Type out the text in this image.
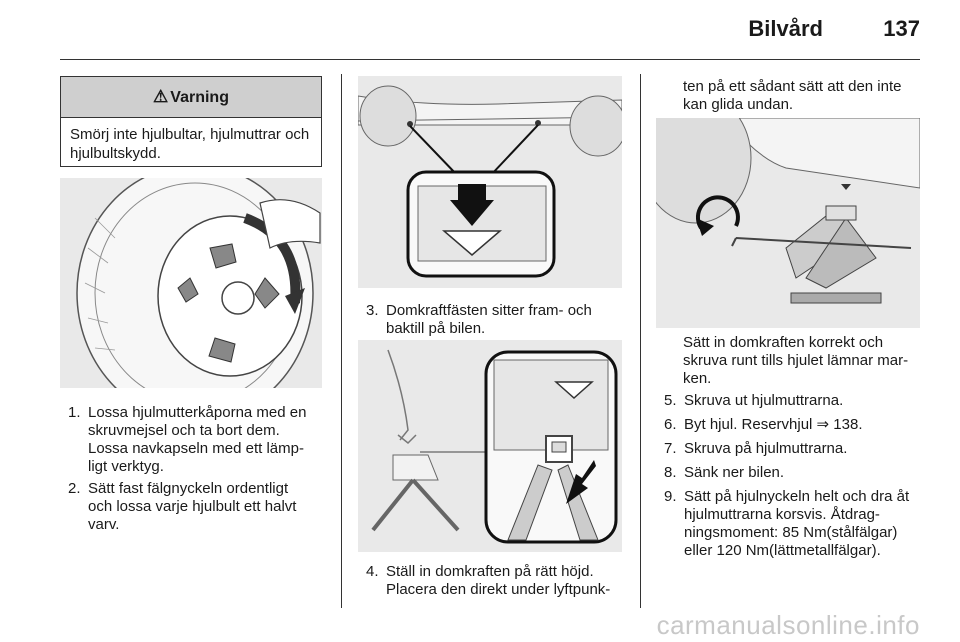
Bilvård	137
⚠ Varning
Smörj inte hjulbultar, hjulmuttrar och hjulbultskydd.
1. Lossa hjulmutterkåporna med en
skruvmejsel och ta bort dem.
Lossa navkapseln med ett lämp-
ligt verktyg.
2. Sätt fast fälgnyckeln ordentligt
och lossa varje hjulbult ett halvt
varv.
3. Domkraftfästen sitter fram- och
baktill på bilen.
4. Ställ in domkraften på rätt höjd.
Placera den direkt under lyftpunk-
ten på ett sådant sätt att den inte
kan glida undan.
Sätt in domkraften korrekt och
skruva runt tills hjulet lämnar mar-
ken.
5. Skruva ut hjulmuttrarna.
6. Byt hjul. Reservhjul ⇒ 138.
7. Skruva på hjulmuttrarna.
8. Sänk ner bilen.
9. Sätt på hjulnyckeln helt och dra åt
hjulmuttrarna korsvis. Åtdrag-
ningsmoment: 85 Nm(stålfälgar)
eller 120 Nm(lättmetallfälgar).
carmanualsonline.info
